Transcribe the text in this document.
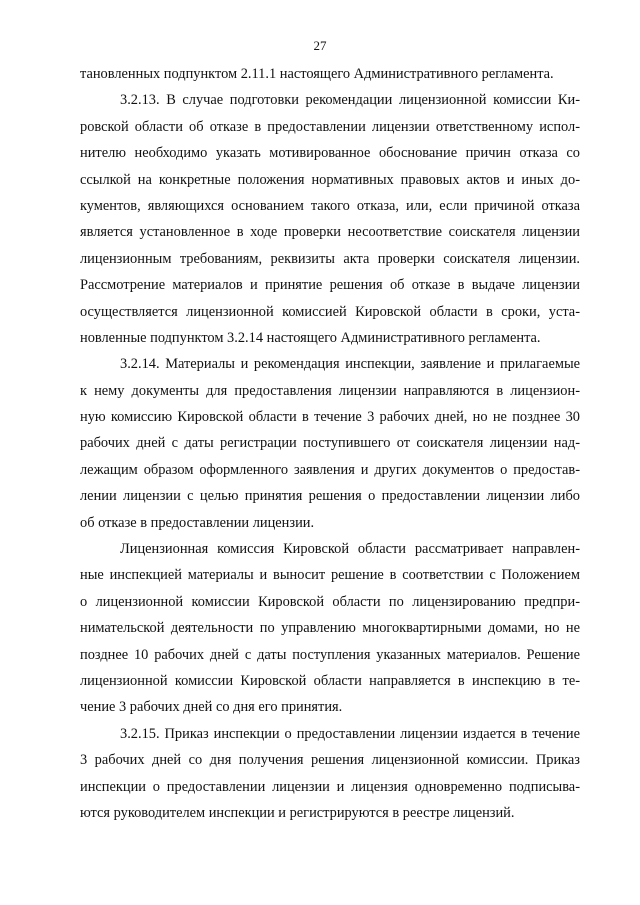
27
тановленных подпунктом 2.11.1 настоящего Административного регламента.
3.2.13. В случае подготовки рекомендации лицензионной комиссии Ки-
ровской области об отказе в предоставлении лицензии ответственному испол-
нителю необходимо указать мотивированное обоснование причин отказа со
ссылкой на конкретные положения нормативных правовых актов и иных до-
кументов, являющихся основанием такого отказа, или, если причиной отказа
является установленное в ходе проверки несоответствие соискателя лицензии
лицензионным требованиям, реквизиты акта проверки соискателя лицензии.
Рассмотрение материалов и принятие решения об отказе в выдаче лицензии
осуществляется лицензионной комиссией Кировской области в сроки, уста-
новленные подпунктом 3.2.14 настоящего Административного регламента.
3.2.14. Материалы и рекомендация инспекции, заявление и прилагаемые
к нему документы для предоставления лицензии направляются в лицензион-
ную комиссию Кировской области в течение 3 рабочих дней, но не позднее 30
рабочих дней с даты регистрации поступившего от соискателя лицензии над-
лежащим образом оформленного заявления и других документов о предостав-
лении лицензии с целью принятия решения о предоставлении лицензии либо
об отказе в предоставлении лицензии.
Лицензионная комиссия Кировской области рассматривает направлен-
ные инспекцией материалы и выносит решение в соответствии с Положением
о лицензионной комиссии Кировской области по лицензированию предпри-
нимательской деятельности по управлению многоквартирными домами, но не
позднее 10 рабочих дней с даты поступления указанных материалов. Решение
лицензионной комиссии Кировской области направляется в инспекцию в те-
чение 3 рабочих дней со дня его принятия.
3.2.15. Приказ инспекции о предоставлении лицензии издается в течение
3 рабочих дней со дня получения решения лицензионной комиссии. Приказ
инспекции о предоставлении лицензии и лицензия одновременно подписыва-
ются руководителем инспекции и регистрируются в реестре лицензий.
